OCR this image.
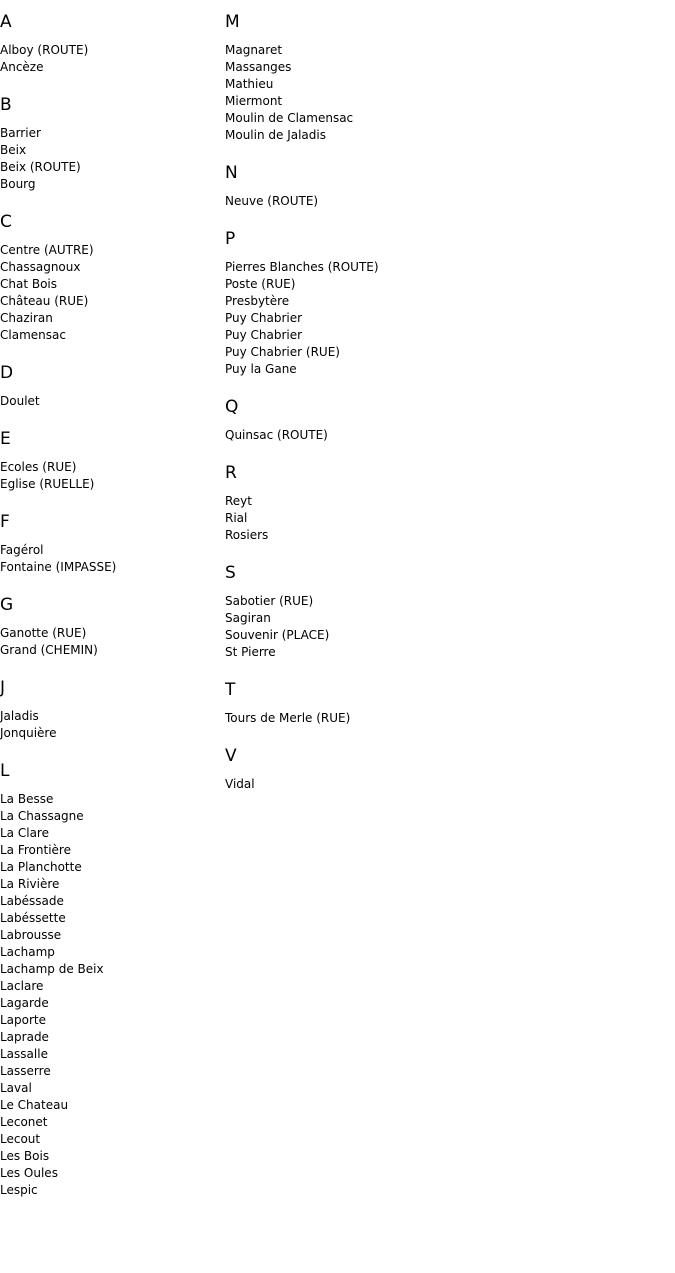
A
Alboy (ROUTE)
Ancèze
B
Barrier
Beix
Beix (ROUTE)
Bourg
C
Centre (AUTRE)
Chassagnoux
Chat Bois
Château (RUE)
Chaziran
Clamensac
D
Doulet
E
Ecoles (RUE)
Eglise (RUELLE)
F
Fagérol
Fontaine (IMPASSE)
G
Ganotte (RUE)
Grand (CHEMIN)
J
Jaladis
Jonquière
L
La Besse
La Chassagne
La Clare
La Frontière
La Planchotte
La Rivière
Labéssade
Labéssette
Labrousse
Lachamp
Lachamp de Beix
Laclare
Lagarde
Laporte
Laprade
Lassalle
Lasserre
Laval
Le Chateau
Leconet
Lecout
Les Bois
Les Oules
Lespic
M
Magnaret
Massanges
Mathieu
Miermont
Moulin de Clamensac
Moulin de Jaladis
N
Neuve (ROUTE)
P
Pierres Blanches (ROUTE)
Poste (RUE)
Presbytère
Puy Chabrier
Puy Chabrier
Puy Chabrier (RUE)
Puy la Gane
Q
Quinsac (ROUTE)
R
Reyt
Rial
Rosiers
S
Sabotier (RUE)
Sagiran
Souvenir (PLACE)
St Pierre
T
Tours de Merle (RUE)
V
Vidal
